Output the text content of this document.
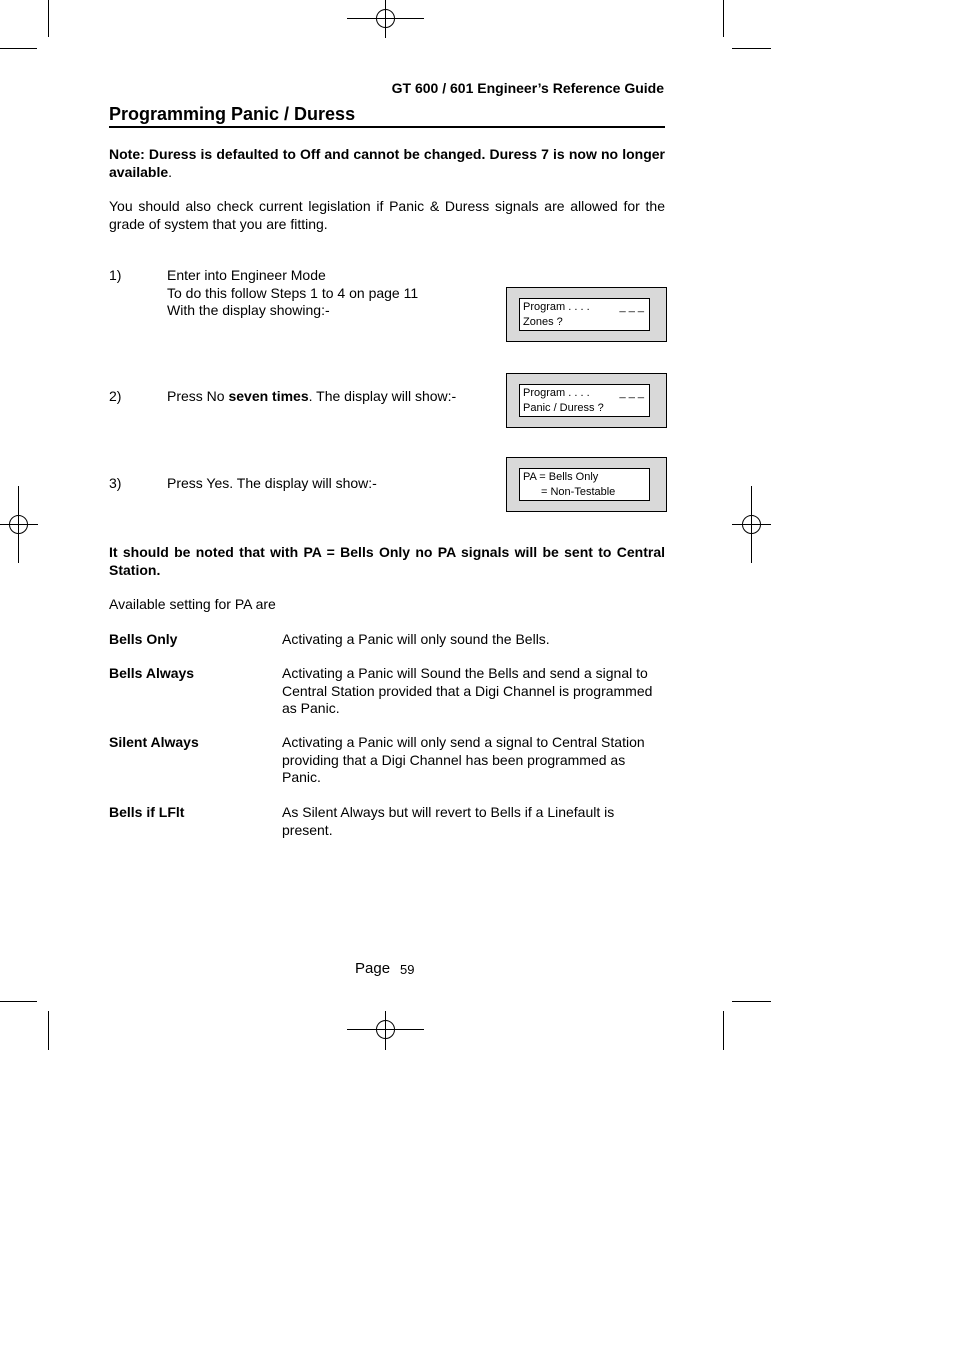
GT 600 / 601 Engineer’s Reference Guide
Programming Panic / Duress
Note: Duress is defaulted to Off and cannot be changed. Duress 7 is now no longer available.
You should also check current legislation if Panic & Duress signals are allowed for the grade of system that you are fitting.
1)	Enter into Engineer Mode
To do this follow Steps 1 to 4 on page 11
With the display showing:-	Program . . . .
Zones ?
_ _ _
2)	Press No seven times. The display will show:-	Program . . . .
Panic / Duress ?
_ _ _
3)	Press Yes. The display will show:-	PA = Bells Only
= Non-Testable
It should be noted that with PA = Bells Only no PA signals will be sent to Central Station.
Available setting for PA are
Bells Only	Activating a Panic will only sound the Bells.
Bells Always	Activating a Panic will Sound the Bells and send a signal to Central Station provided that a Digi Channel is programmed as Panic.
Silent Always	Activating a Panic will only send a signal to Central Station providing that a Digi Channel has been programmed as Panic.
Bells if LFlt	As Silent Always but will revert to Bells if a Linefault is present.
Page 59
